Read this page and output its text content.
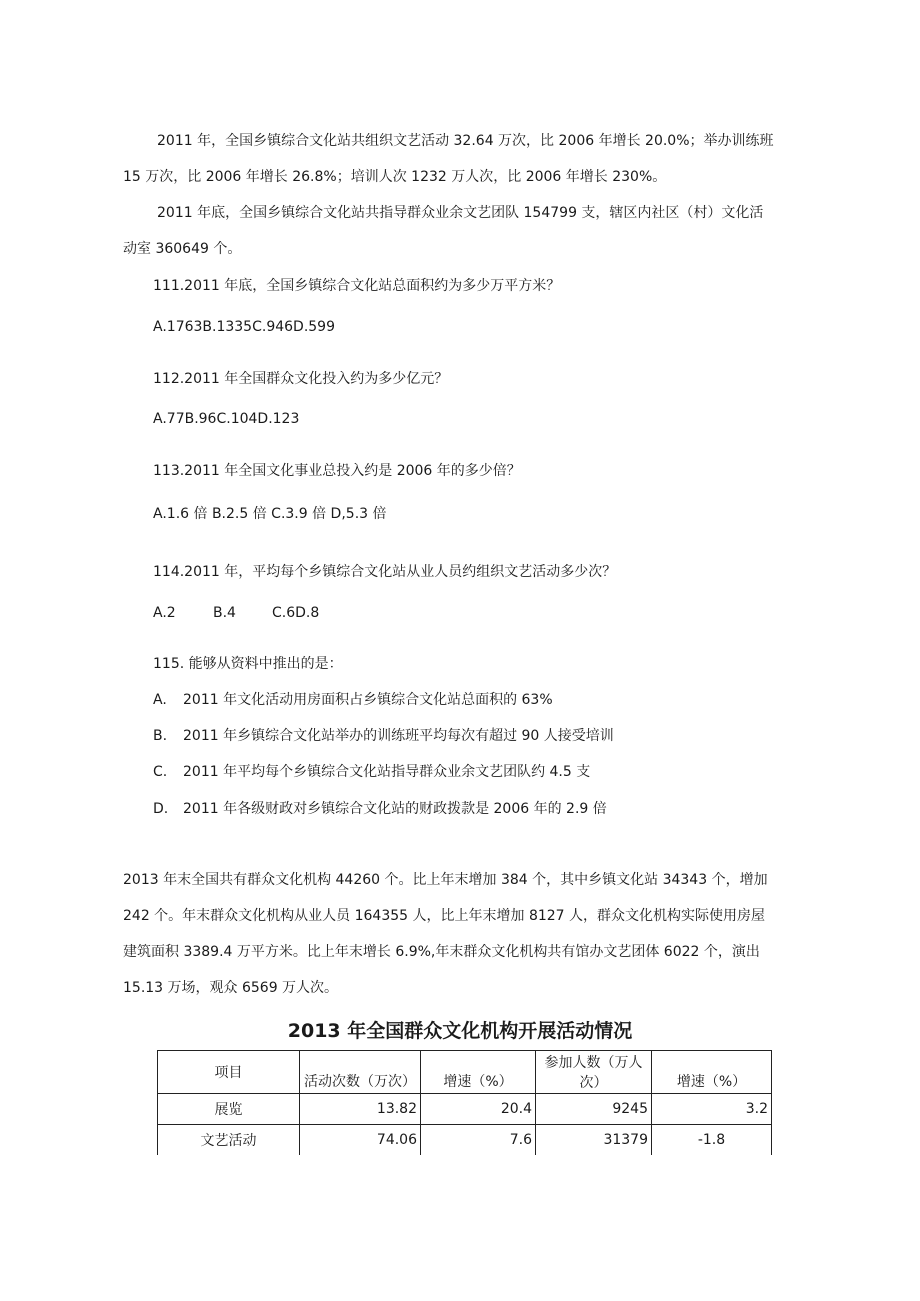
2011 年，全国乡镇综合文化站共组织文艺活动 32.64 万次，比 2006 年增长 20.0%；举办训练班

15 万次，比 2006 年增长 26.8%；培训人次 1232 万人次，比 2006 年增长 230%。

2011 年底，全国乡镇综合文化站共指导群众业余文艺团队 154799 支，辖区内社区（村）文化活

动室 360649 个。

111.2011 年底，全国乡镇综合文化站总面积约为多少万平方米？

A.1763B.1335C.946D.599

112.2011 年全国群众文化投入约为多少亿元？

A.77B.96C.104D.123

113.2011 年全国文化事业总投入约是 2006 年的多少倍？

A.1.6 倍 B.2.5 倍 C.3.9 倍 D,5.3 倍

114.2011 年，平均每个乡镇综合文化站从业人员约组织文艺活动多少次？

A.2	B.4	C.6D.8

115. 能够从资料中推出的是：

A. 2011 年文化活动用房面积占乡镇综合文化站总面积的 63%

B. 2011 年乡镇综合文化站举办的训练班平均每次有超过 90 人接受培训

C. 2011 年平均每个乡镇综合文化站指导群众业余文艺团队约 4.5 支

D. 2011 年各级财政对乡镇综合文化站的财政拨款是 2006 年的 2.9 倍

2013 年末全国共有群众文化机构 44260 个。比上年末增加 384 个，其中乡镇文化站 34343 个，增加

242 个。年末群众文化机构从业人员 164355 人，比上年末增加 8127 人，群众文化机构实际使用房屋

建筑面积 3389.4 万平方米。比上年末增长 6.9%,年末群众文化机构共有馆办文艺团体 6022 个，演出

15.13 万场，观众 6569 万人次。

2013 年全国群众文化机构开展活动情况
项目	活动次数（万次）	增速（%）	参加人数（万人
次）	增速（%）
展览	13.82	20.4	9245	3.2
文艺活动	74.06	7.6	31379	-1.8
